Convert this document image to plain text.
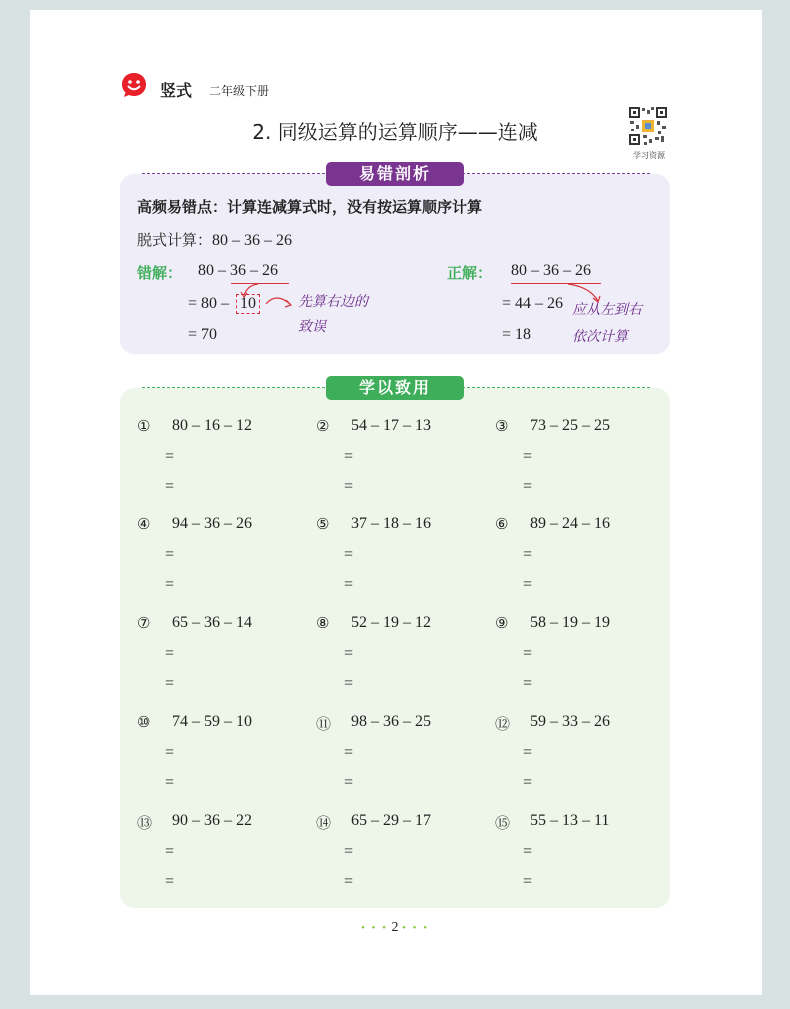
竖式 二年级下册
2. 同级运算的运算顺序——连减
学习资源
易错剖析
高频易错点：计算连减算式时，没有按运算顺序计算
脱式计算：80 – 36 – 26
错解： 80 – 36 – 26
= 80 – 10	先算右边的
致误
= 70
正解： 80 – 36 – 26
= 44 – 26 应从左到右
依次计算
= 18
学以致用
① 80 – 16 – 12
=
=
② 54 – 17 – 13
=
=
③ 73 – 25 – 25
=
=
④ 94 – 36 – 26
=
=
⑤ 37 – 18 – 16
=
=
⑥ 89 – 24 – 16
=
=
⑦ 65 – 36 – 14
=
=
⑧ 52 – 19 – 12
=
=
⑨ 58 – 19 – 19
=
=
⑩ 74 – 59 – 10
=
=
⑪ 98 – 36 – 25
=
=
⑫ 59 – 33 – 26
=
=
⑬ 90 – 36 – 22
=
=
⑭ 65 – 29 – 17
=
=
⑮ 55 – 13 – 11
=
=
• • • 2 • • •
